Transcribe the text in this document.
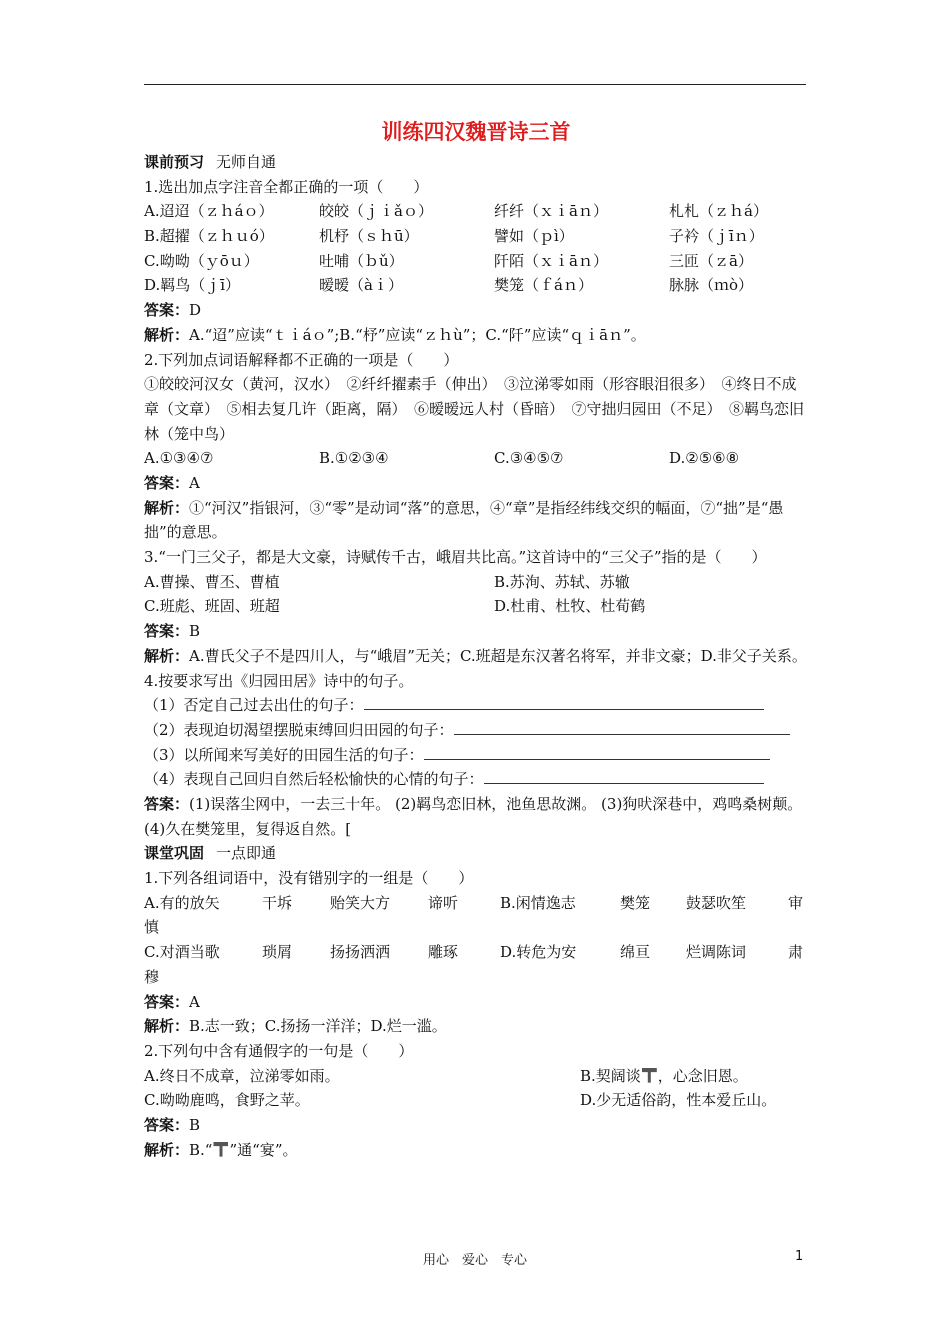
训练四汉魏晋诗三首
课前预习 无师自通
1.选出加点字注音全都正确的一项（　　）
A.迢迢（ｚｈáｏ）	皎皎（ｊｉǎｏ）	纤纤（ｘｉāｎ）	札札（ｚｈá）
B.超擢（ｚｈｕó）	机杼（ｓｈū）	譬如（ｐì）	子衿（ｊīｎ）
C.呦呦（ｙōｕ）	吐哺（ｂǔ）	阡陌（ｘｉāｎ）	三匝（ｚā）
D.羁鸟（ｊī）	暧暧（àｉ）	樊笼（ｆáｎ）	脉脉（ｍò）
答案：D
解析：A.“迢”应读“ｔｉáｏ”;B.“杼”应读“ｚｈù”；C.“阡”应读“ｑｉāｎ”。
2.下列加点词语解释都不正确的一项是（　　）
①皎皎河汉女（黄河，汉水）　②纤纤擢素手（伸出）　③泣涕零如雨（形容眼泪很多）　④终日不成章（文章）　⑤相去复几许（距离，隔）　⑥暧暧远人村（昏暗）　⑦守拙归园田（不足）　⑧羁鸟恋旧林（笼中鸟）
A.①③④⑦	B.①②③④	C.③④⑤⑦	D.②⑤⑥⑧
答案：A
解析：①“河汉”指银河，③“零”是动词“落”的意思，④“章”是指经纬线交织的幅面，⑦“拙”是“愚拙”的意思。
3.“一门三父子，都是大文豪，诗赋传千古，峨眉共比高。”这首诗中的“三父子”指的是（　　）
A.曹操、曹丕、曹植	B.苏洵、苏轼、苏辙
C.班彪、班固、班超	D.杜甫、杜牧、杜荀鹤
答案：B
解析：A.曹氏父子不是四川人，与“峨眉”无关；C.班超是东汉著名将军，并非文豪；D.非父子关系。
4.按要求写出《归园田居》诗中的句子。
（1）否定自己过去出仕的句子：
（2）表现迫切渴望摆脱束缚回归田园的句子：
（3）以所闻来写美好的田园生活的句子：
（4）表现自己回归自然后轻松愉快的心情的句子：
答案：(1)误落尘网中，一去三十年。 (2)羁鸟恋旧林，池鱼思故渊。 (3)狗吠深巷中，鸡鸣桑树颠。　(4)久在樊笼里，复得返自然。[
课堂巩固 一点即通
1.下列各组词语中，没有错别字的一组是（　　）
A.有的放矢	干坼	贻笑大方	谛听	B.闲情逸志	樊笼	鼓瑟吹笙	审
慎
C.对酒当歌	琐屑	扬扬洒洒	雕琢	D.转危为安	绵亘	烂调陈词	肃
穆
答案：A
解析：B.志一致；C.扬扬一洋洋；D.烂一滥。
2.下列句中含有通假字的一句是（　　）
A.终日不成章，泣涕零如雨。	B.契阔谈 ，心念旧恩。
C.呦呦鹿鸣，食野之苹。	D.少无适俗韵，性本爱丘山。
答案：B
解析：B.“ ”通“宴”。
用心　爱心　专心	1
